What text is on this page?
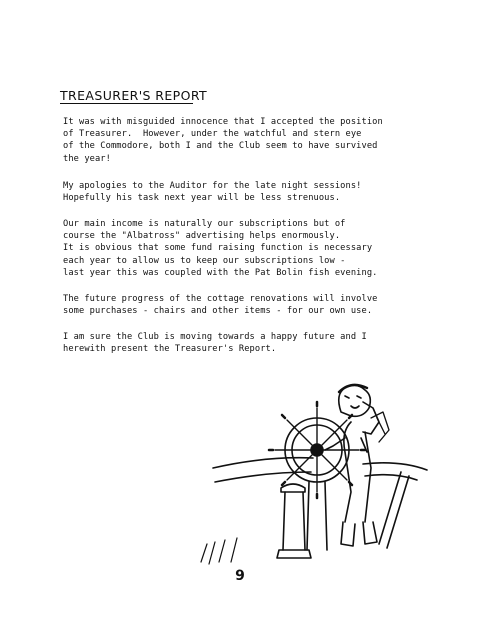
TREASURER'S REPORT
It was with misguided innocence that I accepted the position
of Treasurer.  However, under the watchful and stern eye
of the Commodore, both I and the Club seem to have survived
the year!
My apologies to the Auditor for the late night sessions!
Hopefully his task next year will be less strenuous.
Our main income is naturally our subscriptions but of
course the "Albatross" advertising helps enormously.
It is obvious that some fund raising function is necessary
each year to allow us to keep our subscriptions low -
last year this was coupled with the Pat Bolin fish evening.
The future progress of the cottage renovations will involve
some purchases - chairs and other items - for our own use.
I am sure the Club is moving towards a happy future and I
herewith present the Treasurer's Report.
9
